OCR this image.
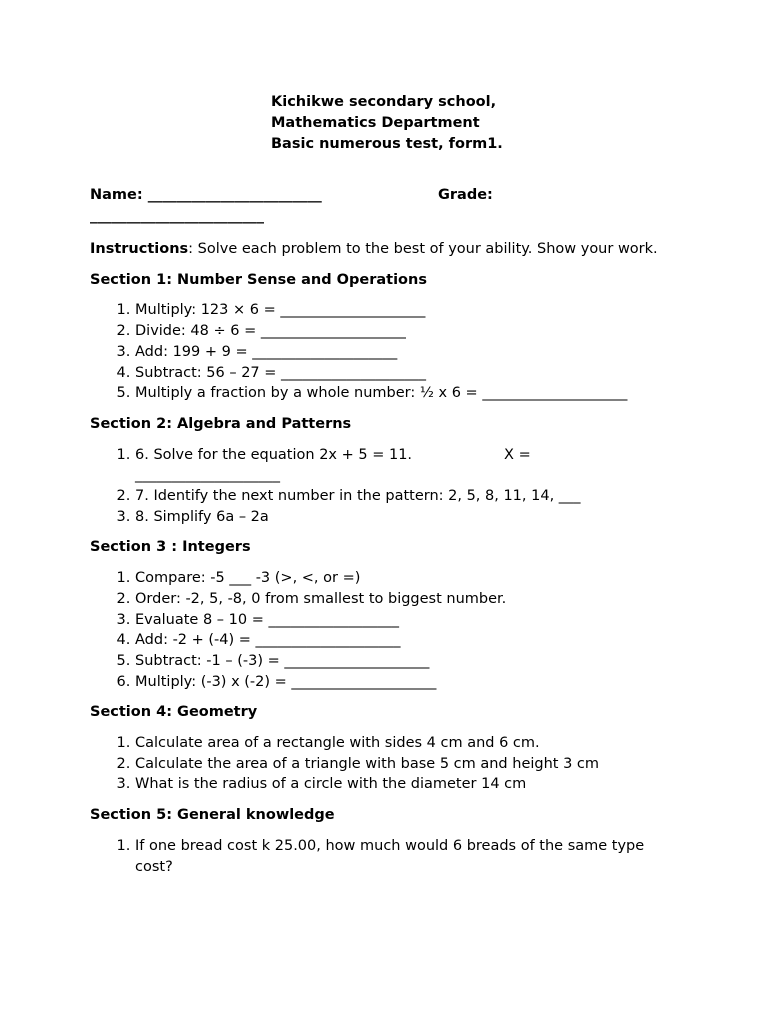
Kichikwe secondary school,
Mathematics Department
Basic numerous test, form1.
Name: ________________________	Grade:
________________________
Instructions: Solve each problem to the best of your ability. Show your work.
Section 1: Number Sense and Operations
1. Multiply: 123 × 6 = ____________________
2. Divide: 48 ÷ 6 = ____________________
3. Add: 199 + 9 = ____________________
4. Subtract: 56 – 27 = ____________________
5. Multiply a fraction by a whole number: ½ x 6 = ____________________
Section 2: Algebra and Patterns
1. 6. Solve for the equation 2x + 5 = 11.	X =
____________________
2. 7. Identify the next number in the pattern: 2, 5, 8, 11, 14, ___
3. 8. Simplify 6a – 2a
Section 3 : Integers
1. Compare: -5 ___ -3 (>, <, or =)
2. Order: -2, 5, -8, 0 from smallest to biggest number.
3. Evaluate 8 – 10 = __________________
4. Add: -2 + (-4) = ____________________
5. Subtract: -1 – (-3) = ____________________
6. Multiply: (-3) x (-2) = ____________________
Section 4: Geometry
1. Calculate area of a rectangle with sides 4 cm and 6 cm.
2. Calculate the area of a triangle with base 5 cm and height 3 cm
3. What is the radius of a circle with the diameter 14 cm
Section 5: General knowledge
1. If one bread cost k 25.00, how much would 6 breads of the same type cost?
